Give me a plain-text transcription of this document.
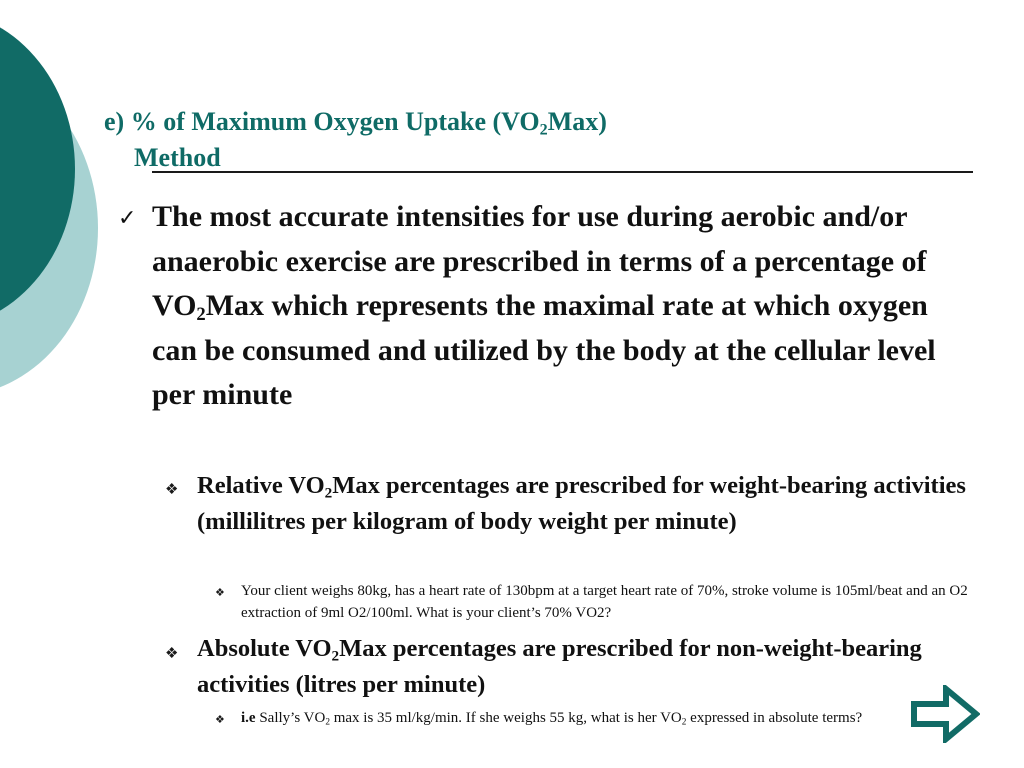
e) % of Maximum Oxygen Uptake $(VO_2Max)$
Method
✓ The most accurate intensities for use during aerobic and/or anaerobic exercise are prescribed in terms of a percentage of $VO_2Max$ which represents the maximal rate at which oxygen can be consumed and utilized by the body at the cellular level per minute
❖ Relative $VO_2Max$ percentages are prescribed for weight-bearing activities (millilitres per kilogram of body weight per minute)
❖ Your client weighs 80kg, has a heart rate of 130bpm at a target heart rate of 70%, stroke volume is 105ml/beat and an O2 extraction of 9ml O2/100ml. What is your client’s 70% VO2?
❖ Absolute $VO_2Max$ percentages are prescribed for non-weight-bearing activities (litres per minute)
❖ i.e Sally’s $VO_2$ max is 35 ml/kg/min. If she weighs 55 kg, what is her $VO_2$ expressed in absolute terms?
